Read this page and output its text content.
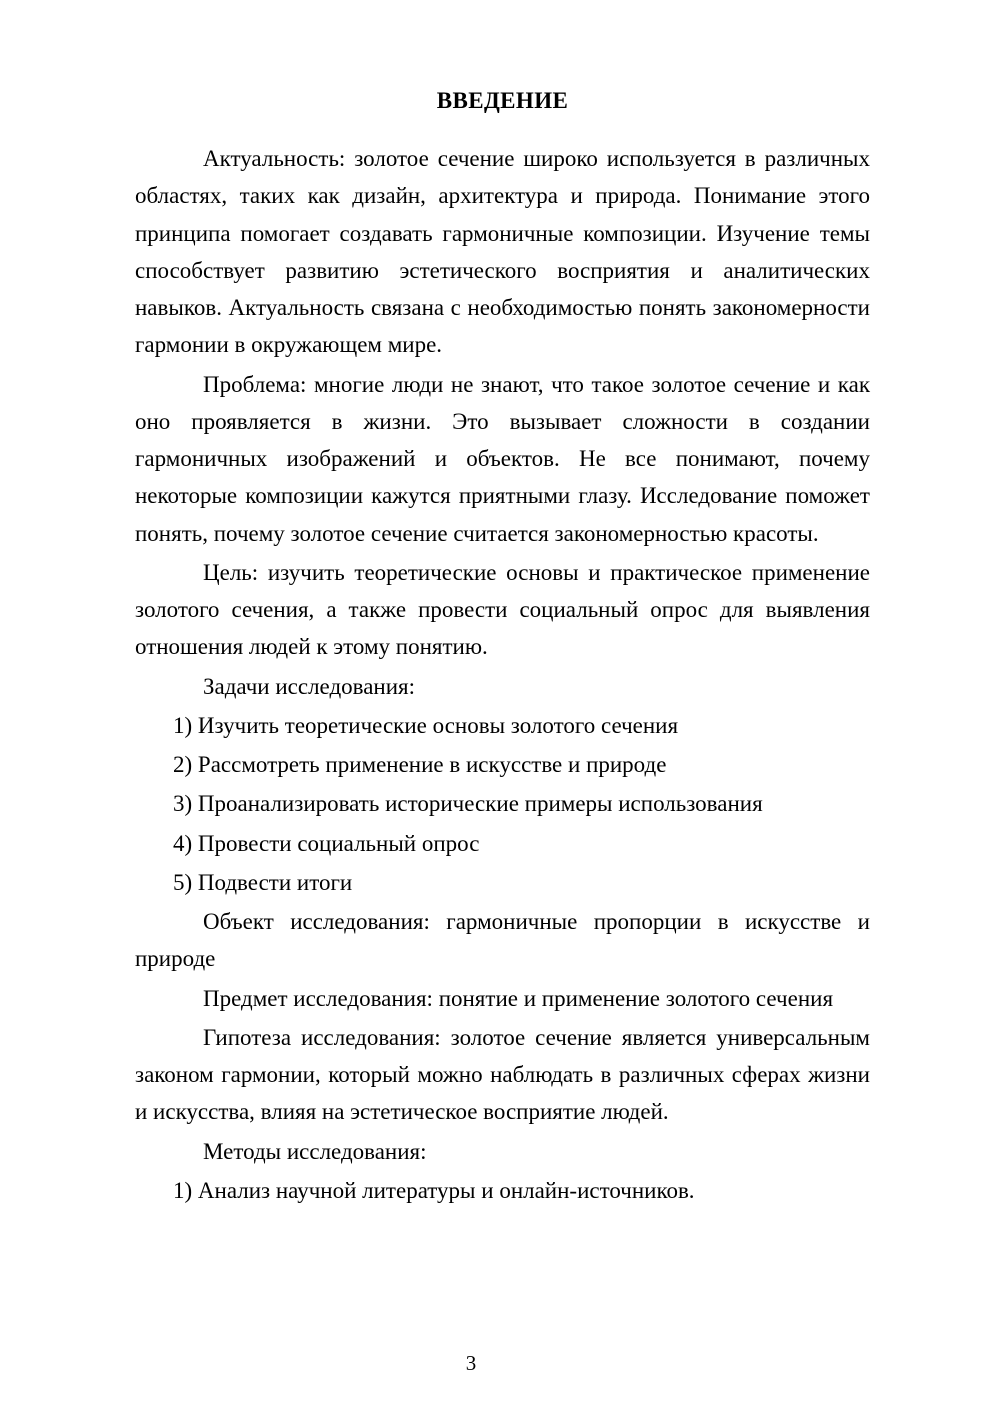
ВВЕДЕНИЕ

Актуальность: золотое сечение широко используется в различных областях, таких как дизайн, архитектура и природа. Понимание этого принципа помогает создавать гармоничные композиции. Изучение темы способствует развитию эстетического восприятия и аналитических навыков. Актуальность связана с необходимостью понять закономерности гармонии в окружающем мире.

Проблема: многие люди не знают, что такое золотое сечение и как оно проявляется в жизни. Это вызывает сложности в создании гармоничных изображений и объектов. Не все понимают, почему некоторые композиции кажутся приятными глазу. Исследование поможет понять, почему золотое сечение считается закономерностью красоты.

Цель: изучить теоретические основы и практическое применение золотого сечения, а также провести социальный опрос для выявления отношения людей к этому понятию.

Задачи исследования:

1) Изучить теоретические основы золотого сечения

2) Рассмотреть применение в искусстве и природе

3) Проанализировать исторические примеры использования

4) Провести социальный опрос

5) Подвести итоги

Объект исследования: гармоничные пропорции в искусстве и природе

Предмет исследования: понятие и применение золотого сечения

Гипотеза исследования: золотое сечение является универсальным законом гармонии, который можно наблюдать в различных сферах жизни и искусства, влияя на эстетическое восприятие людей.

Методы исследования:

1) Анализ научной литературы и онлайн-источников.

3
